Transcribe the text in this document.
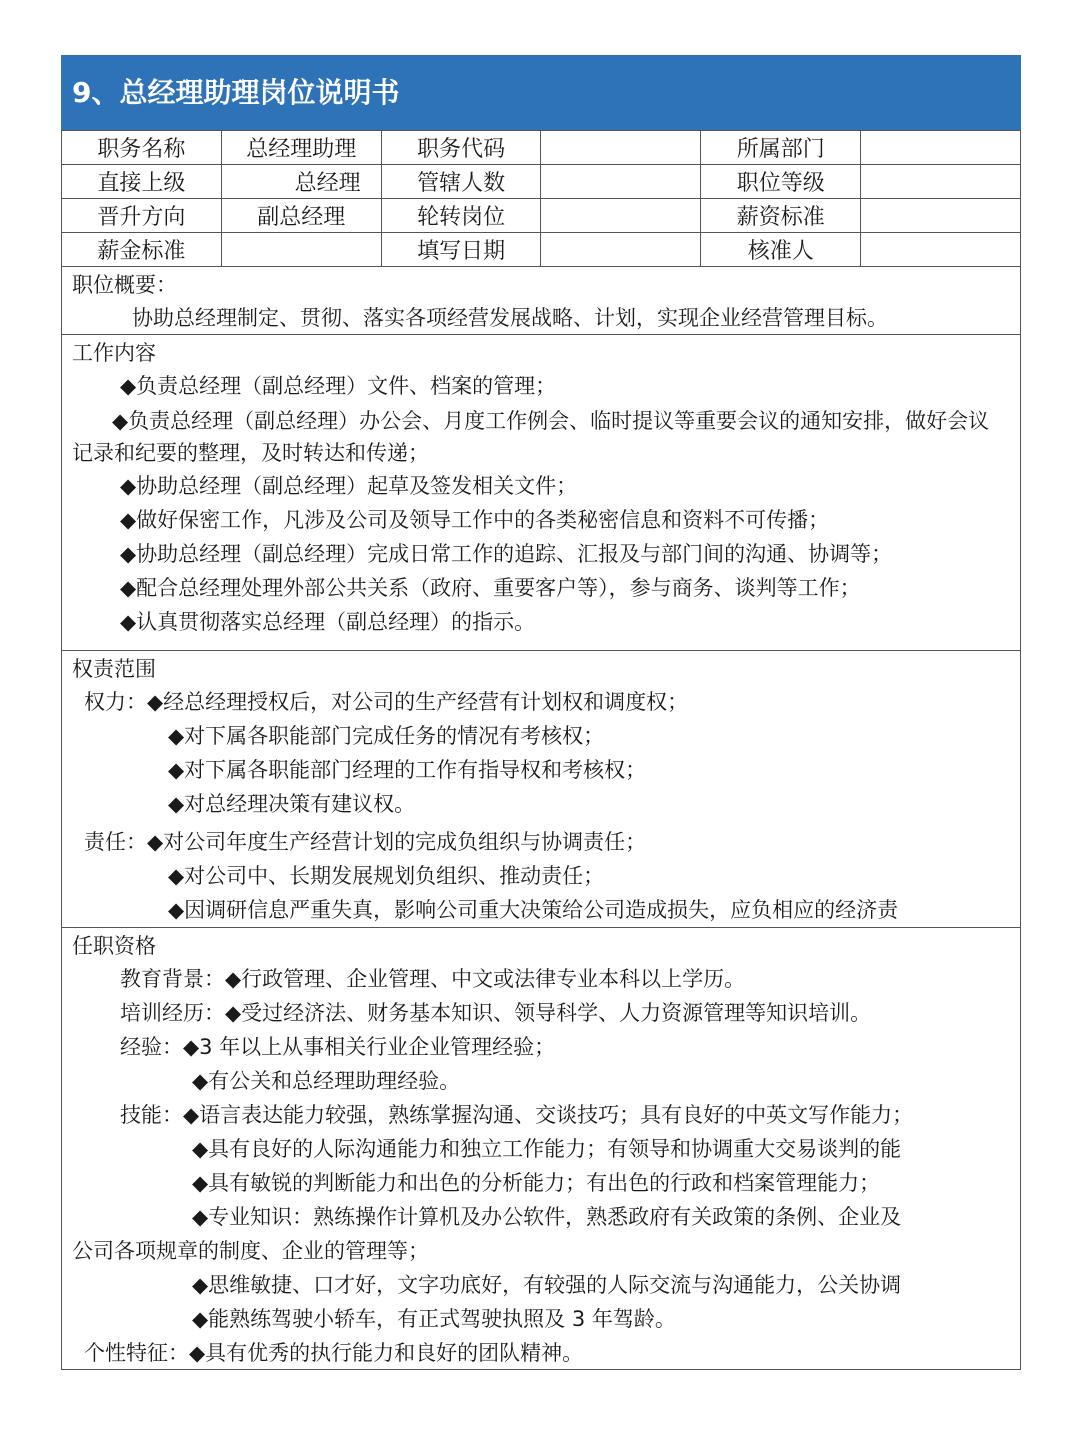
9、总经理助理岗位说明书
职务名称	总经理助理	职务代码		所属部门	
直接上级	总经理	管辖人数		职位等级	
晋升方向	副总经理	轮转岗位		薪资标准	
薪金标准		填写日期		核准人	
职位概要：
协助总经理制定、贯彻、落实各项经营发展战略、计划，实现企业经营管理目标。
工作内容
◆负责总经理（副总经理）文件、档案的管理；
◆负责总经理（副总经理）办公会、月度工作例会、临时提议等重要会议的通知安排，做好会议记录和纪要的整理，及时转达和传递；
◆协助总经理（副总经理）起草及签发相关文件；
◆做好保密工作，凡涉及公司及领导工作中的各类秘密信息和资料不可传播；
◆协助总经理（副总经理）完成日常工作的追踪、汇报及与部门间的沟通、协调等；
◆配合总经理处理外部公共关系（政府、重要客户等），参与商务、谈判等工作；
◆认真贯彻落实总经理（副总经理）的指示。
权责范围
权力：◆经总经理授权后，对公司的生产经营有计划权和调度权；
◆对下属各职能部门完成任务的情况有考核权；
◆对下属各职能部门经理的工作有指导权和考核权；
◆对总经理决策有建议权。
责任：◆对公司年度生产经营计划的完成负组织与协调责任；
◆对公司中、长期发展规划负组织、推动责任；
◆因调研信息严重失真，影响公司重大决策给公司造成损失，应负相应的经济责
任职资格
教育背景：◆行政管理、企业管理、中文或法律专业本科以上学历。
培训经历：◆受过经济法、财务基本知识、领导科学、人力资源管理等知识培训。
经验：◆3 年以上从事相关行业企业管理经验；
◆有公关和总经理助理经验。
技能：◆语言表达能力较强，熟练掌握沟通、交谈技巧；具有良好的中英文写作能力；
◆具有良好的人际沟通能力和独立工作能力；有领导和协调重大交易谈判的能
◆具有敏锐的判断能力和出色的分析能力；有出色的行政和档案管理能力；
◆专业知识：熟练操作计算机及办公软件，熟悉政府有关政策的条例、企业及
公司各项规章的制度、企业的管理等；
◆思维敏捷、口才好，文字功底好，有较强的人际交流与沟通能力，公关协调
◆能熟练驾驶小轿车，有正式驾驶执照及 3 年驾龄。
个性特征：◆具有优秀的执行能力和良好的团队精神。
